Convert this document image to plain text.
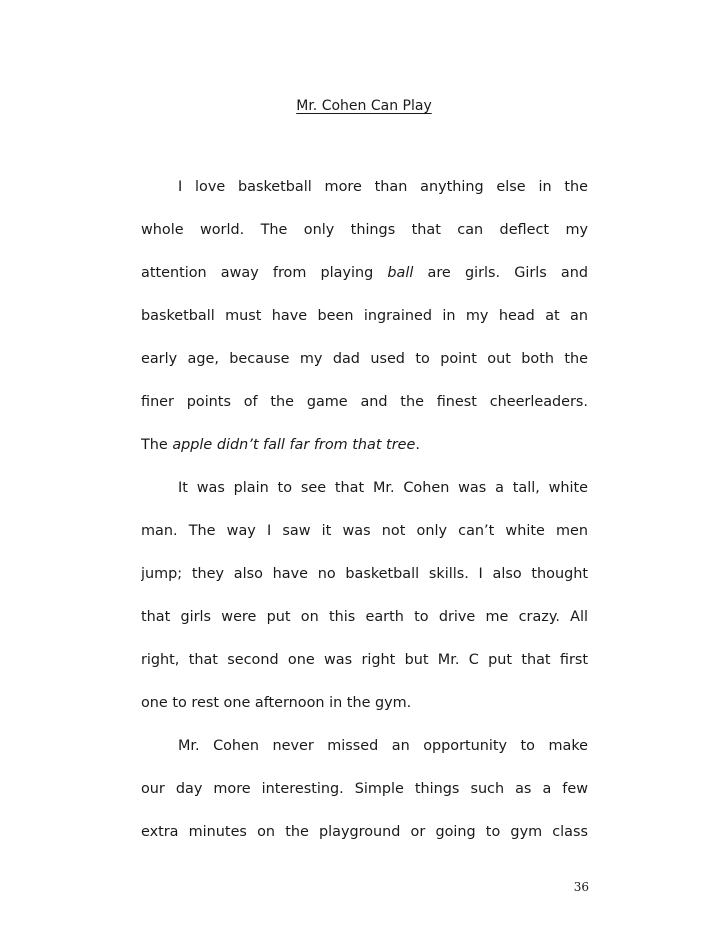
Mr. Cohen Can Play
I love basketball more than anything else in the
whole world. The only things that can deflect my
attention away from playing ball are girls. Girls and
basketball must have been ingrained in my head at an
early age, because my dad used to point out both the
finer points of the game and the finest cheerleaders.
The apple didn’t fall far from that tree.
It was plain to see that Mr. Cohen was a tall, white
man. The way I saw it was not only can’t white men
jump; they also have no basketball skills. I also thought
that girls were put on this earth to drive me crazy. All
right, that second one was right but Mr. C put that first
one to rest one afternoon in the gym.
Mr. Cohen never missed an opportunity to make
our day more interesting. Simple things such as a few
extra minutes on the playground or going to gym class
36
